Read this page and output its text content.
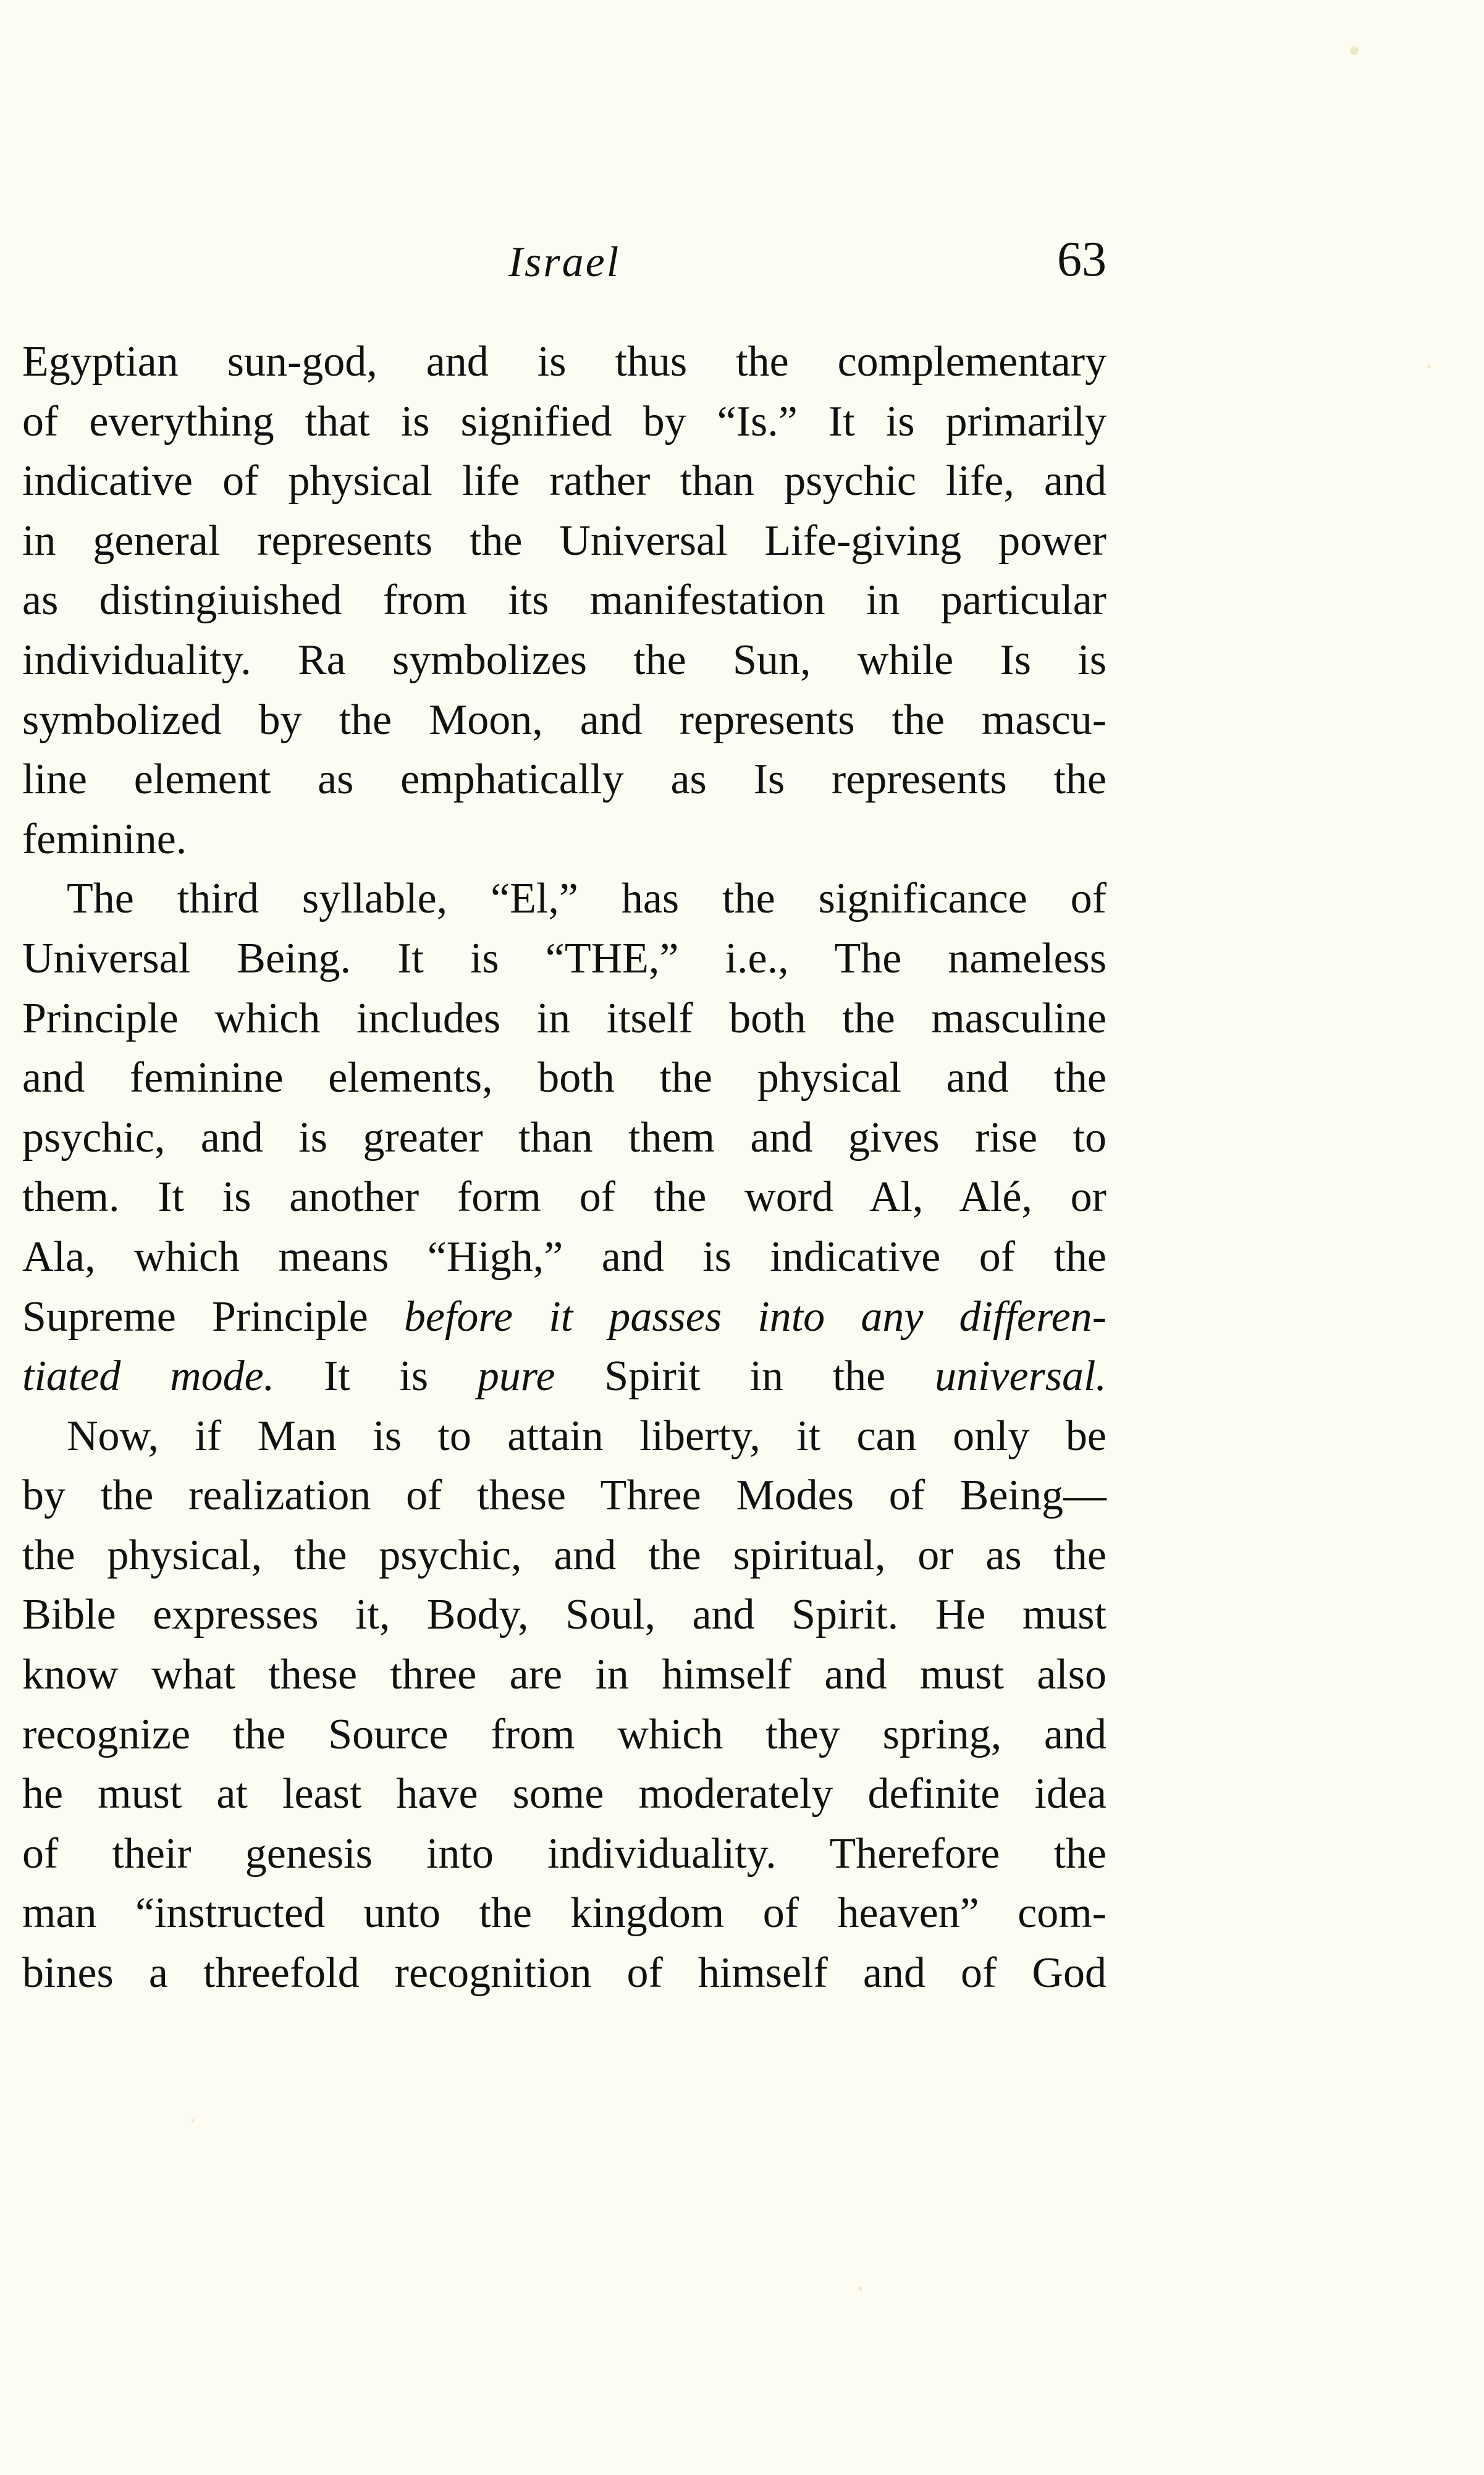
Israel	63
Egyptian sun-god, and is thus the complementary
of everything that is signified by “Is.” It is primarily
indicative of physical life rather than psychic life, and
in general represents the Universal Life-giving power
as distingiuished from its manifestation in particular
individuality. Ra symbolizes the Sun, while Is is
symbolized by the Moon, and represents the mascu-
line element as emphatically as Is represents the
feminine.
The third syllable, “El,” has the significance of
Universal Being. It is “THE,” i.e., The nameless
Principle which includes in itself both the masculine
and feminine elements, both the physical and the
psychic, and is greater than them and gives rise to
them. It is another form of the word Al, Alé, or
Ala, which means “High,” and is indicative of the
Supreme Principle before it passes into any differen-
tiated mode. It is pure Spirit in the universal.
Now, if Man is to attain liberty, it can only be
by the realization of these Three Modes of Being—
the physical, the psychic, and the spiritual, or as the
Bible expresses it, Body, Soul, and Spirit. He must
know what these three are in himself and must also
recognize the Source from which they spring, and
he must at least have some moderately definite idea
of their genesis into individuality. Therefore the
man “instructed unto the kingdom of heaven” com-
bines a threefold recognition of himself and of God
